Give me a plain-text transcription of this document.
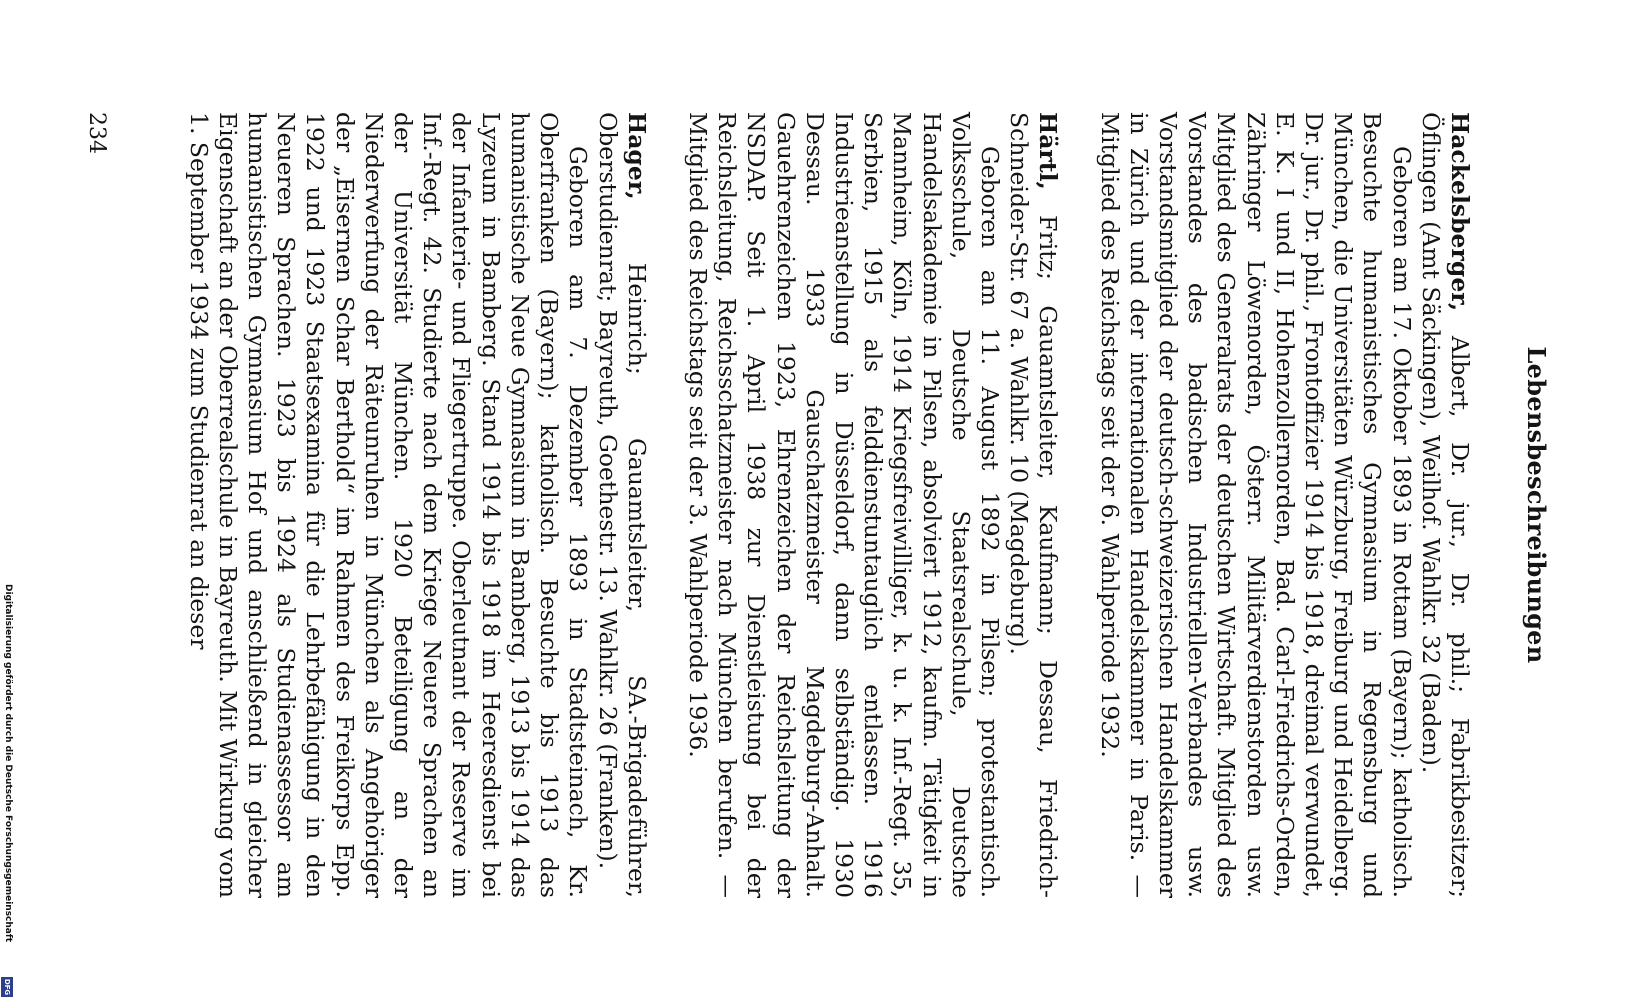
Lebensbeschreibungen

Hackelsberger, Albert, Dr. jur., Dr. phil.; Fabrikbesitzer; Öflingen (Amt Säckingen), Weilhof. Wahlkr. 32 (Baden).

Geboren am 17. Oktober 1893 in Rottam (Bayern); katholisch. Besuchte humanistisches Gymnasium in Regensburg und München, die Universitäten Würzburg, Freiburg und Heidelberg. Dr. jur., Dr. phil., Frontoffizier 1914 bis 1918, dreimal verwundet, E. K. I und II, Hohenzollernorden, Bad. Carl-Friedrichs-Orden, Zähringer Löwenorden, Österr. Militärverdienstorden usw. Mitglied des Generalrats der deutschen Wirtschaft. Mitglied des Vorstandes des badischen Industriellen-Verbandes usw. Vorstandsmitglied der deutsch-schweizerischen Handelskammer in Zürich und der internationalen Handelskammer in Paris. — Mitglied des Reichstags seit der 6. Wahlperiode 1932.

Härtl, Fritz; Gauamtsleiter, Kaufmann; Dessau, Friedrich-Schneider-Str. 67 a. Wahlkr. 10 (Magdeburg).

Geboren am 11. August 1892 in Pilsen; protestantisch. Volksschule, Deutsche Staatsrealschule, Deutsche Handelsakademie in Pilsen, absolviert 1912, kaufm. Tätigkeit in Mannheim, Köln, 1914 Kriegsfreiwilliger, k. u. k. Inf.-Regt. 35, Serbien, 1915 als felddienstuntauglich entlassen. 1916 Industrieanstellung in Düsseldorf, dann selbständig. 1930 Dessau. 1933 Gauschatzmeister Magdeburg-Anhalt. Gauehrenzeichen 1923, Ehrenzeichen der Reichsleitung der NSDAP. Seit 1. April 1938 zur Dienstleistung bei der Reichsleitung, Reichsschatzmeister nach München berufen. — Mitglied des Reichstags seit der 3. Wahlperiode 1936.

Hager, Heinrich; Gauamtsleiter, SA.-Brigadeführer, Oberstudienrat; Bayreuth, Goethestr. 13. Wahlkr. 26 (Franken).

Geboren am 7. Dezember 1893 in Stadtsteinach, Kr. Oberfranken (Bayern); katholisch. Besuchte bis 1913 das humanistische Neue Gymnasium in Bamberg, 1913 bis 1914 das Lyzeum in Bamberg. Stand 1914 bis 1918 im Heeresdienst bei der Infanterie- und Fliegertruppe. Oberleutnant der Reserve im Inf.-Regt. 42. Studierte nach dem Kriege Neuere Sprachen an der Universität München. 1920 Beteiligung an der Niederwerfung der Räteunruhen in München als Angehöriger der „Eisernen Schar Berthold“ im Rahmen des Freikorps Epp. 1922 und 1923 Staatsexamina für die Lehrbefähigung in den Neueren Sprachen. 1923 bis 1924 als Studienassessor am humanistischen Gymnasium Hof und anschließend in gleicher Eigenschaft an der Oberrealschule in Bayreuth. Mit Wirkung vom 1. September 1934 zum Studienrat an dieser

234
Digitalisierung gefördert durch die Deutsche Forschungsgemeinschaft
DFG
